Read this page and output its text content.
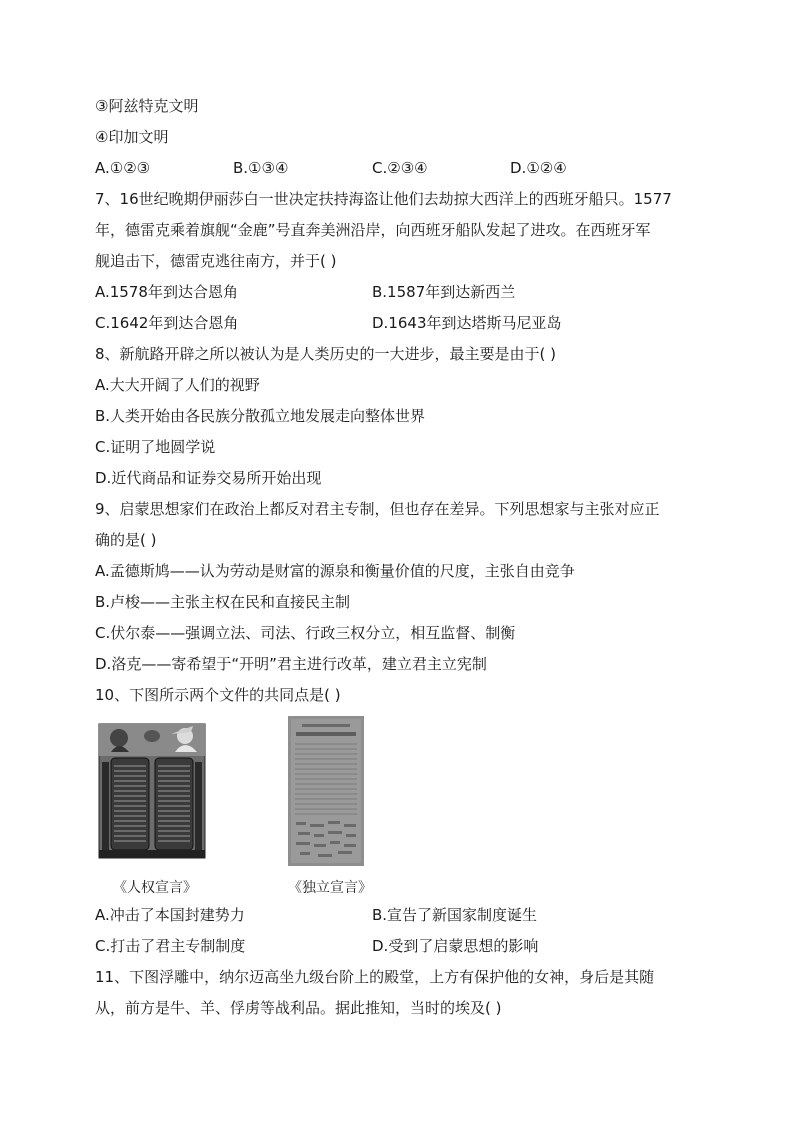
③阿兹特克文明
④印加文明
A.①②③	B.①③④	C.②③④	D.①②④
7、16世纪晚期伊丽莎白一世决定扶持海盗让他们去劫掠大西洋上的西班牙船只。1577
年，德雷克乘着旗舰“金鹿”号直奔美洲沿岸，向西班牙船队发起了进攻。在西班牙军
舰追击下，德雷克逃往南方，并于( )
A.1578年到达合恩角	B.1587年到达新西兰
C.1642年到达合恩角	D.1643年到达塔斯马尼亚岛
8、新航路开辟之所以被认为是人类历史的一大进步，最主要是由于( )
A.大大开阔了人们的视野
B.人类开始由各民族分散孤立地发展走向整体世界
C.证明了地圆学说
D.近代商品和证券交易所开始出现
9、启蒙思想家们在政治上都反对君主专制，但也存在差异。下列思想家与主张对应正
确的是( )
A.孟德斯鸠——认为劳动是财富的源泉和衡量价值的尺度，主张自由竞争
B.卢梭——主张主权在民和直接民主制
C.伏尔泰——强调立法、司法、行政三权分立，相互监督、制衡
D.洛克——寄希望于“开明”君主进行改革，建立君主立宪制
10、下图所示两个文件的共同点是( )
《人权宣言》	《独立宣言》
A.冲击了本国封建势力	B.宣告了新国家制度诞生
C.打击了君主专制制度	D.受到了启蒙思想的影响
11、下图浮雕中，纳尔迈高坐九级台阶上的殿堂，上方有保护他的女神，身后是其随
从，前方是牛、羊、俘虏等战利品。据此推知，当时的埃及( )
